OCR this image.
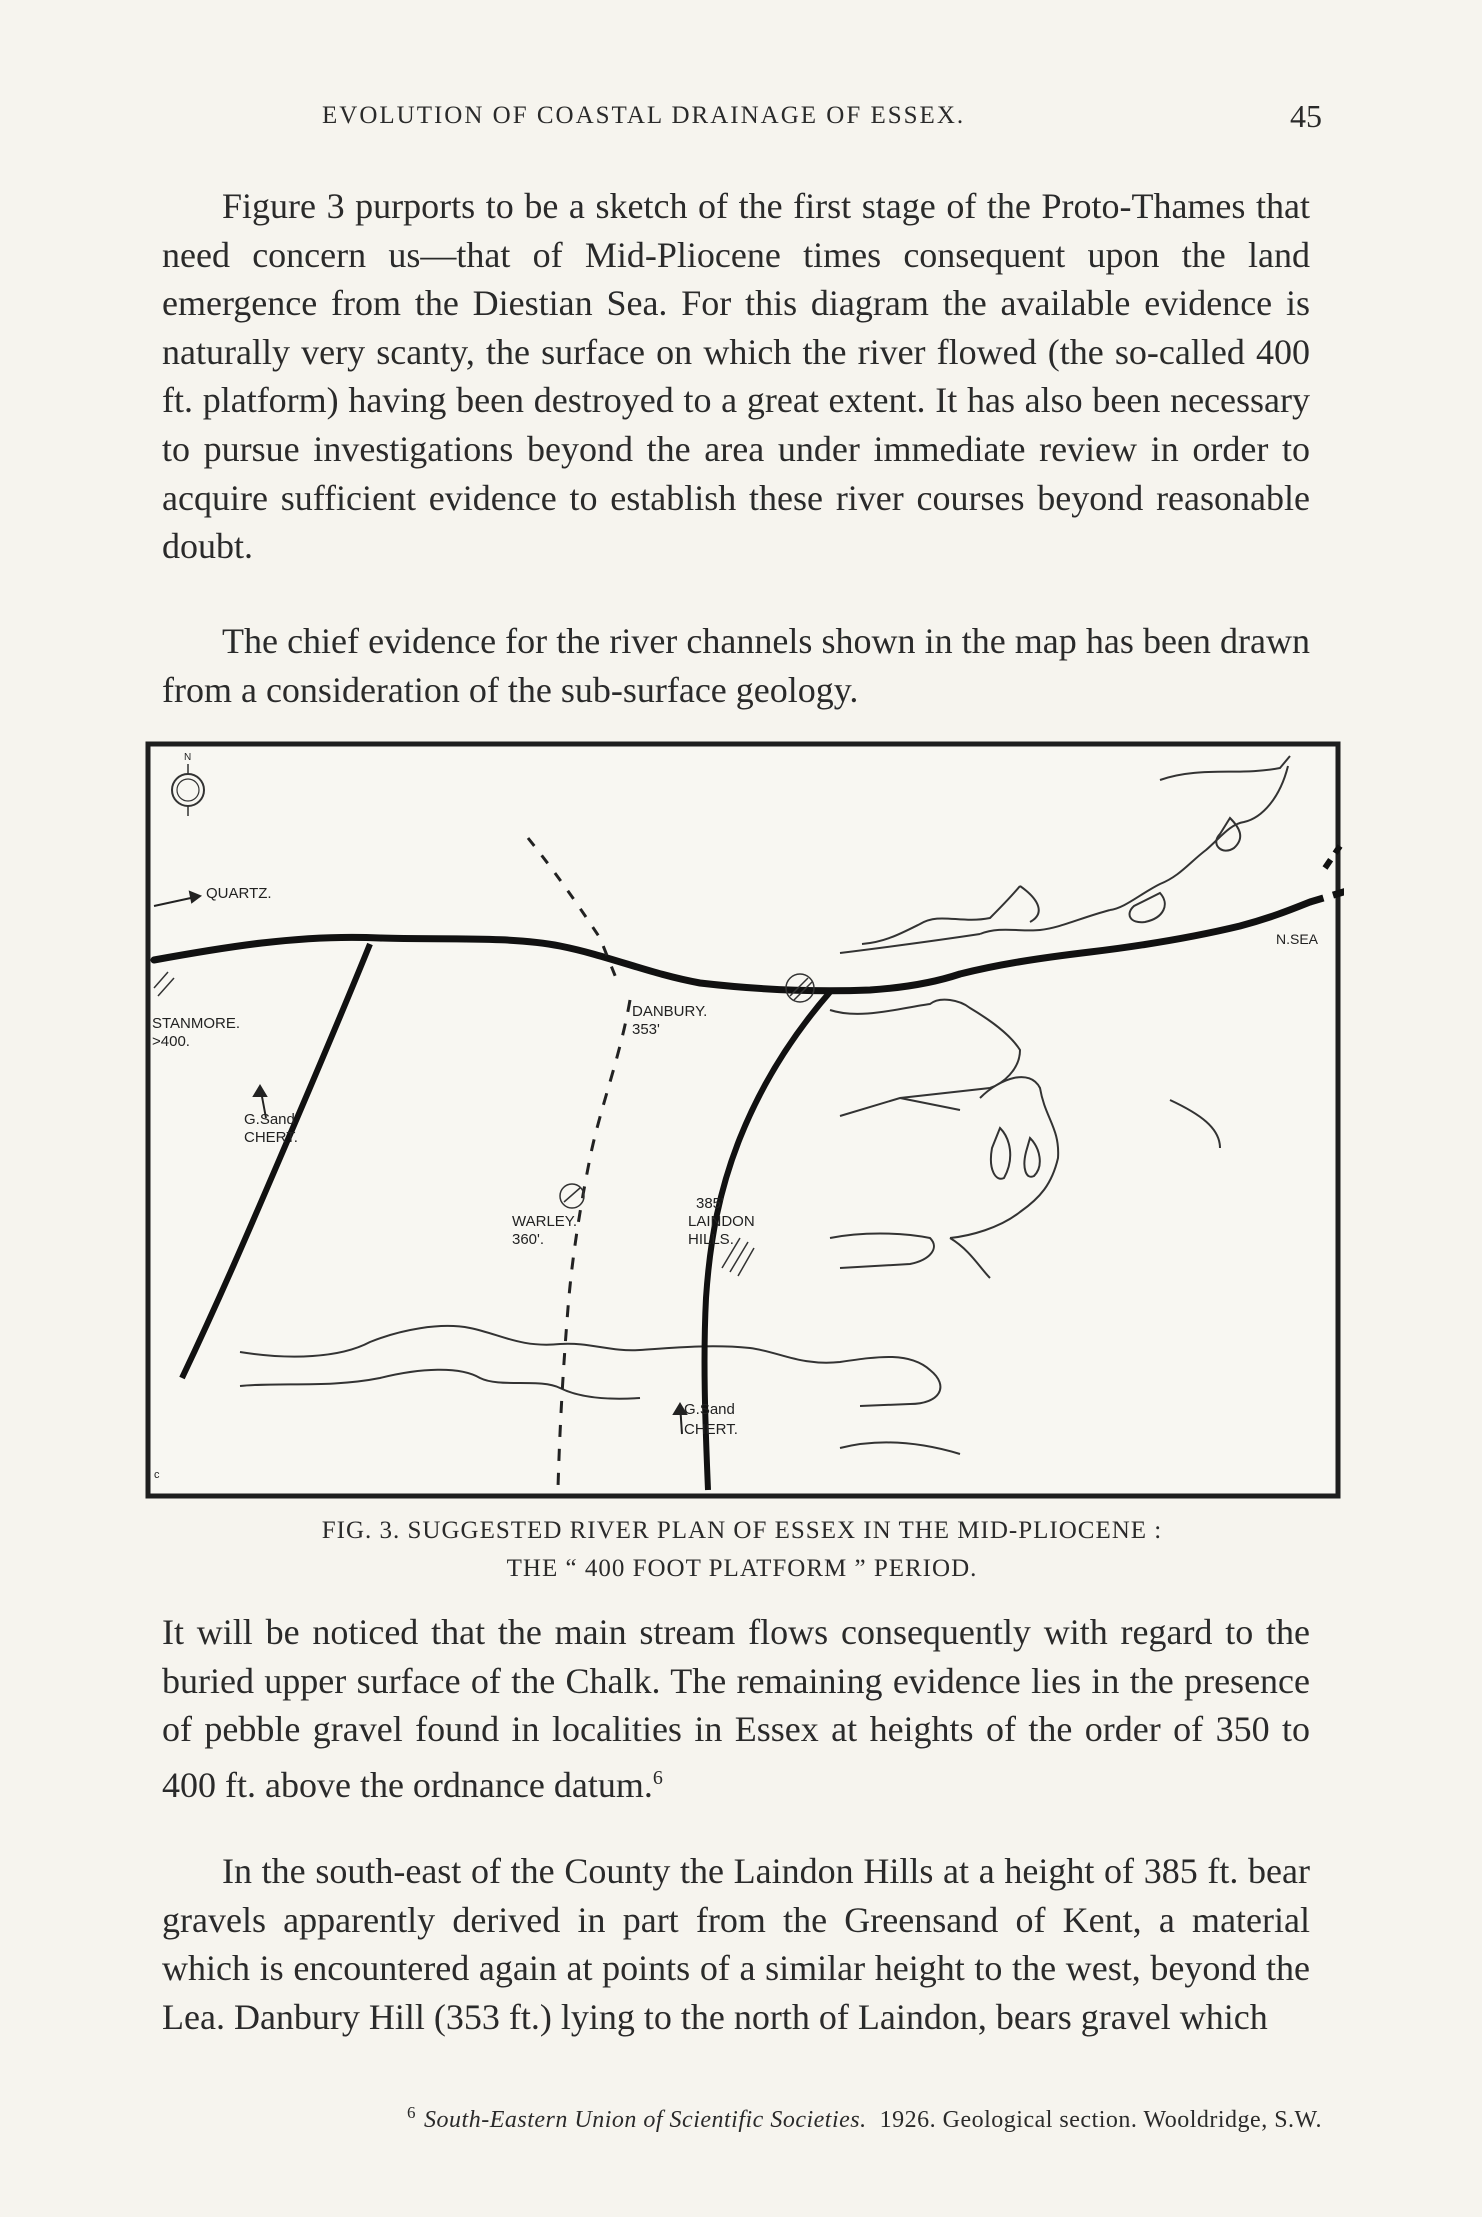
EVOLUTION OF COASTAL DRAINAGE OF ESSEX.	45

Figure 3 purports to be a sketch of the first stage of the Proto-Thames that need concern us—that of Mid-Pliocene times consequent upon the land emergence from the Diestian Sea. For this diagram the available evidence is naturally very scanty, the surface on which the river flowed (the so-called 400 ft. platform) having been destroyed to a great extent. It has also been necessary to pursue investigations beyond the area under immediate review in order to acquire sufficient evidence to establish these river courses beyond reasonable doubt.

The chief evidence for the river channels shown in the map has been drawn from a consideration of the sub-surface geology.

N
c
QUARTZ.
STANMORE.
>400.
G.Sand
CHERT.
DANBURY.
353'
WARLEY.
360'.
385'
LAINDON
HILLS.
G.Sand
CHERT.
N.SEA
FIG. 3. SUGGESTED RIVER PLAN OF ESSEX IN THE MID-PLIOCENE :
THE “ 400 FOOT PLATFORM ” PERIOD.

It will be noticed that the main stream flows consequently with regard to the buried upper surface of the Chalk. The remaining evidence lies in the presence of pebble gravel found in localities in Essex at heights of the order of 350 to 400 ft. above the ordnance datum.$^6$

In the south-east of the County the Laindon Hills at a height of 385 ft. bear gravels apparently derived in part from the Greensand of Kent, a material which is encountered again at points of a similar height to the west, beyond the Lea. Danbury Hill (353 ft.) lying to the north of Laindon, bears gravel which

$^6$ South-Eastern Union of Scientific Societies. 1926. Geological section. Wooldridge, S.W.
